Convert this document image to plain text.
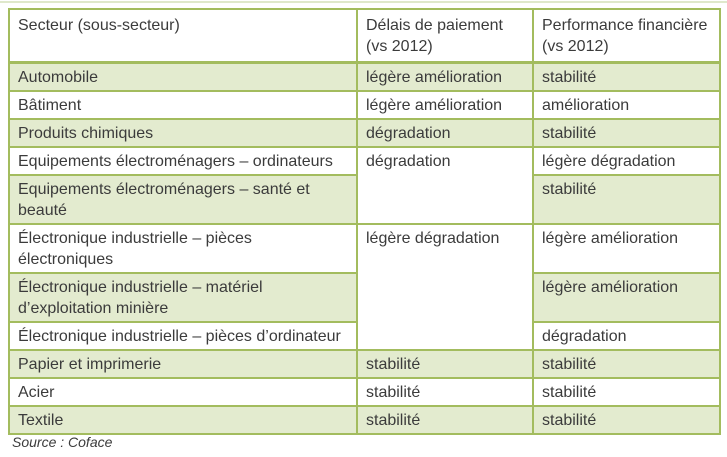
Secteur (sous-secteur)	Délais de paiement (vs 2012)	Performance financière (vs 2012)
Automobile	légère amélioration	stabilité
Bâtiment	légère amélioration	amélioration
Produits chimiques	dégradation	stabilité
Equipements électroménagers – ordinateurs	dégradation	légère dégradation
Equipements électroménagers – santé et beauté		stabilité
Électronique industrielle – pièces électroniques	légère dégradation	légère amélioration
Électronique industrielle – matériel d’exploitation minière		légère amélioration
Électronique industrielle – pièces d’ordinateur		dégradation
Papier et imprimerie	stabilité	stabilité
Acier	stabilité	stabilité
Textile	stabilité	stabilité
Source : Coface
